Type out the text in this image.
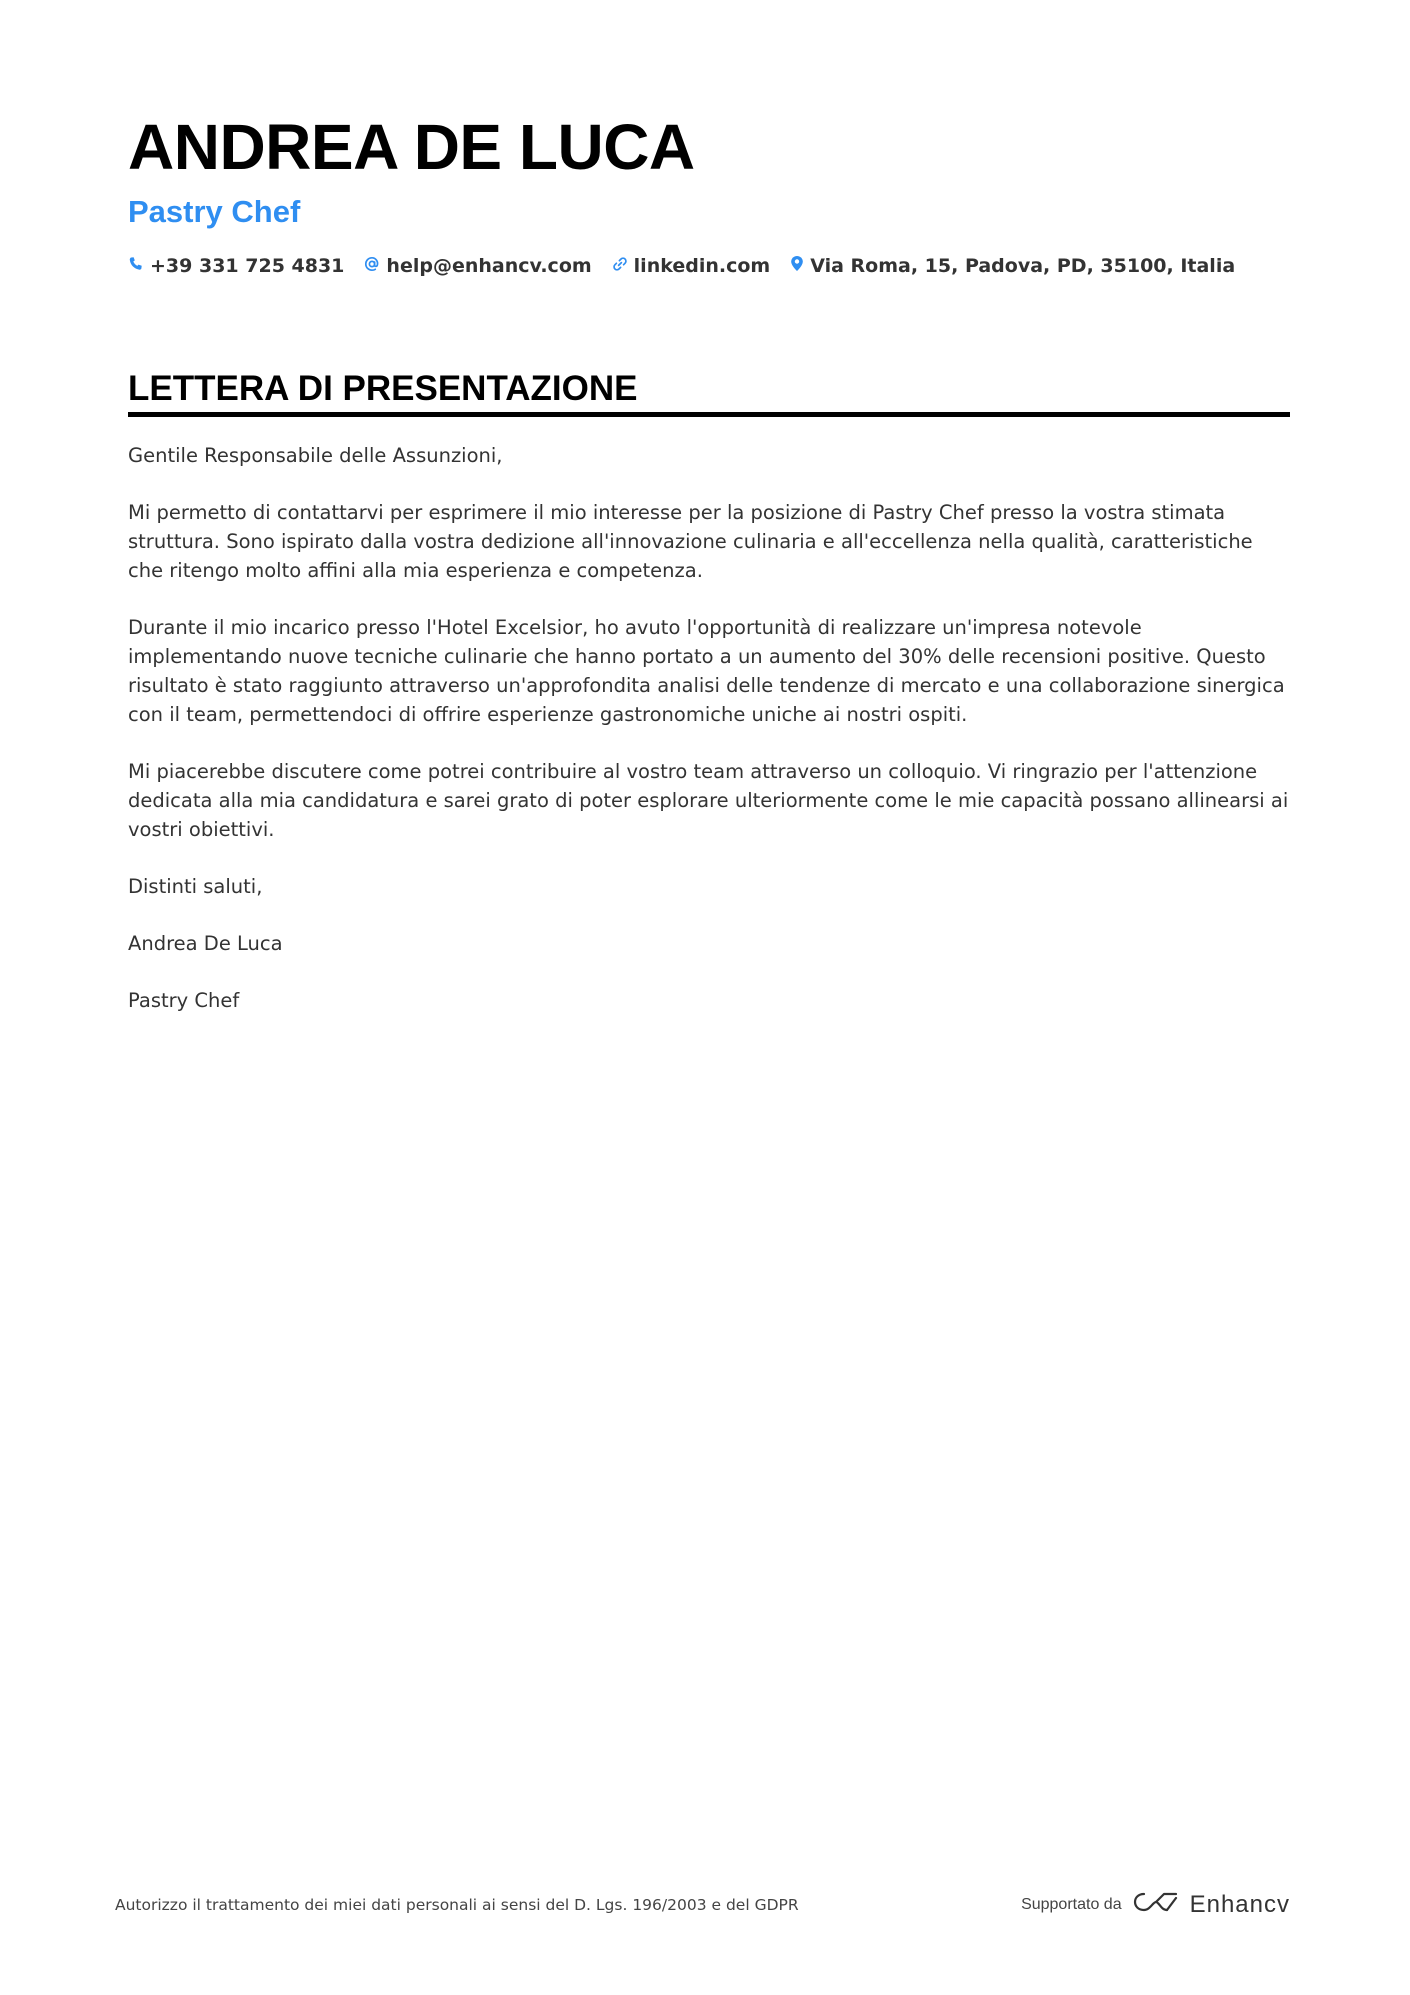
ANDREA DE LUCA
Pastry Chef
+39 331 725 4831 help@enhancv.com linkedin.com Via Roma, 15, Padova, PD, 35100, Italia
LETTERA DI PRESENTAZIONE

Gentile Responsabile delle Assunzioni,

Mi permetto di contattarvi per esprimere il mio interesse per la posizione di Pastry Chef presso la vostra stimata struttura. Sono ispirato dalla vostra dedizione all'innovazione culinaria e all'eccellenza nella qualità, caratteristiche che ritengo molto affini alla mia esperienza e competenza.

Durante il mio incarico presso l'Hotel Excelsior, ho avuto l'opportunità di realizzare un'impresa notevole implementando nuove tecniche culinarie che hanno portato a un aumento del 30% delle recensioni positive. Questo risultato è stato raggiunto attraverso un'approfondita analisi delle tendenze di mercato e una collaborazione sinergica con il team, permettendoci di offrire esperienze gastronomiche uniche ai nostri ospiti.

Mi piacerebbe discutere come potrei contribuire al vostro team attraverso un colloquio. Vi ringrazio per l'attenzione dedicata alla mia candidatura e sarei grato di poter esplorare ulteriormente come le mie capacità possano allinearsi ai vostri obiettivi.

Distinti saluti,

Andrea De Luca

Pastry Chef

Autorizzo il trattamento dei miei dati personali ai sensi del D. Lgs. 196/2003 e del GDPR	Supportato da	Enhancv
